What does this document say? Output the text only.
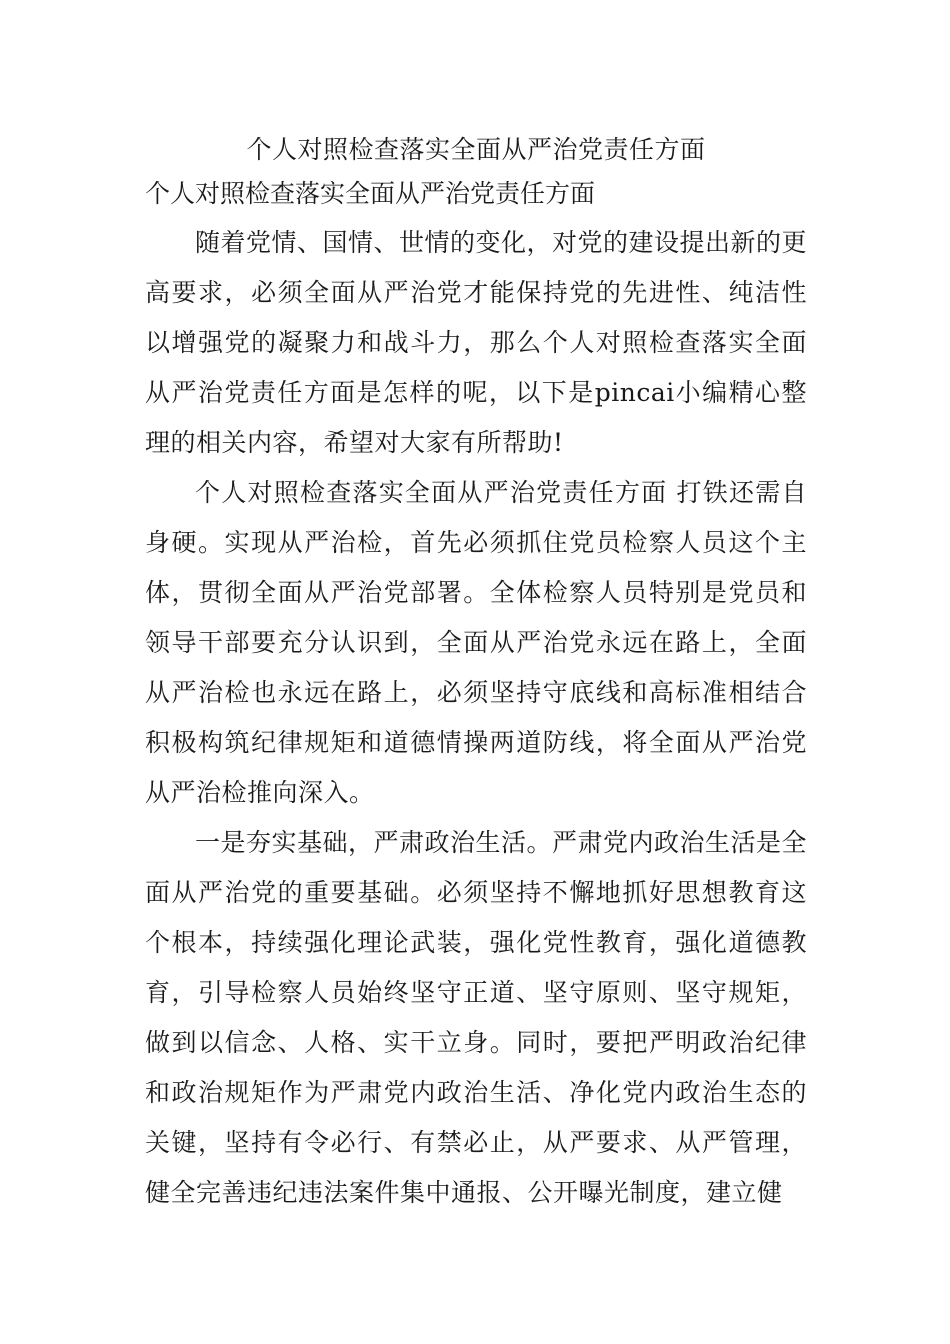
个人对照检查落实全面从严治党责任方面

个人对照检查落实全面从严治党责任方面

随着党情、国情、世情的变化，对党的建设提出新的更高要求，必须全面从严治党才能保持党的先进性、纯洁性以增强党的凝聚力和战斗力，那么个人对照检查落实全面从严治党责任方面是怎样的呢，以下是pincai小编精心整理的相关内容，希望对大家有所帮助!

个人对照检查落实全面从严治党责任方面 打铁还需自身硬。实现从严治检，首先必须抓住党员检察人员这个主体，贯彻全面从严治党部署。全体检察人员特别是党员和领导干部要充分认识到，全面从严治党永远在路上，全面从严治检也永远在路上，必须坚持守底线和高标准相结合积极构筑纪律规矩和道德情操两道防线，将全面从严治党从严治检推向深入。

一是夯实基础，严肃政治生活。严肃党内政治生活是全面从严治党的重要基础。必须坚持不懈地抓好思想教育这个根本，持续强化理论武装，强化党性教育，强化道德教育，引导检察人员始终坚守正道、坚守原则、坚守规矩，做到以信念、人格、实干立身。同时，要把严明政治纪律和政治规矩作为严肃党内政治生活、净化党内政治生态的关键，坚持有令必行、有禁必止，从严要求、从严管理，健全完善违纪违法案件集中通报、公开曝光制度，建立健
